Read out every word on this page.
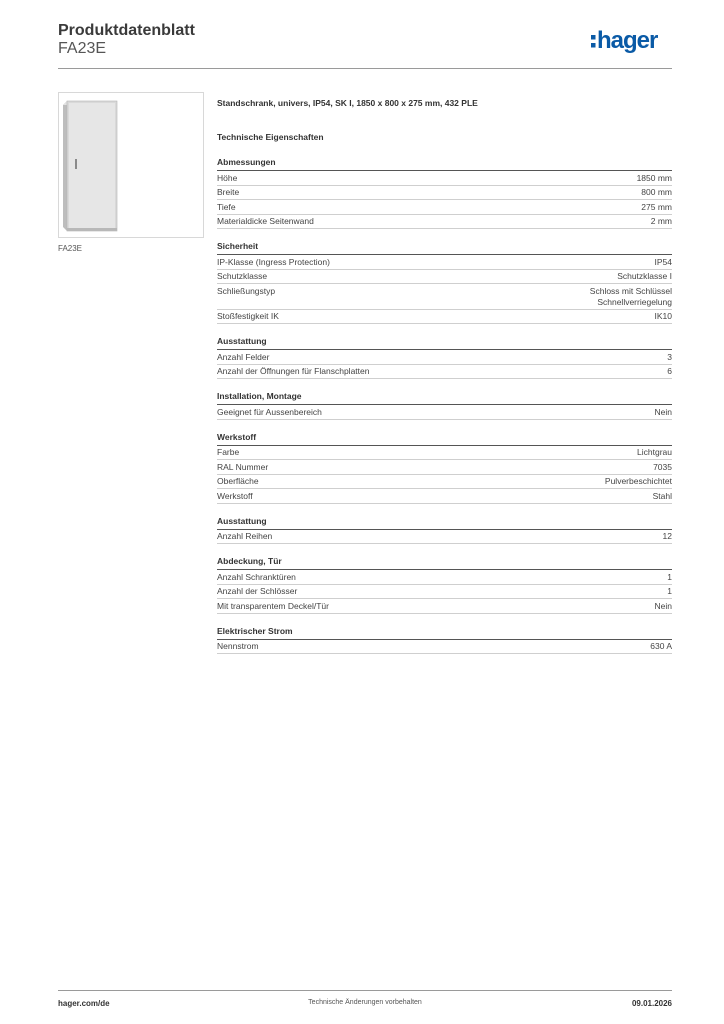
Produktdatenblatt
FA23E	hager
FA23E
Standschrank, univers, IP54, SK I, 1850 x 800 x 275 mm, 432 PLE
Technische Eigenschaften
Abmessungen
Höhe	1850 mm
Breite	800 mm
Tiefe	275 mm
Materialdicke Seitenwand	2 mm
Sicherheit
IP-Klasse (Ingress Protection)	IP54
Schutzklasse	Schutzklasse I
Schließungstyp	Schloss mit Schlüssel
Schnellverriegelung
Stoßfestigkeit IK	IK10
Ausstattung
Anzahl Felder	3
Anzahl der Öffnungen für Flanschplatten	6
Installation, Montage
Geeignet für Aussenbereich	Nein
Werkstoff
Farbe	Lichtgrau
RAL Nummer	7035
Oberfläche	Pulverbeschichtet
Werkstoff	Stahl
Ausstattung
Anzahl Reihen	12
Abdeckung, Tür
Anzahl Schranktüren	1
Anzahl der Schlösser	1
Mit transparentem Deckel/Tür	Nein
Elektrischer Strom
Nennstrom	630 A
hager.com/de	Technische Änderungen vorbehalten	09.01.2026
